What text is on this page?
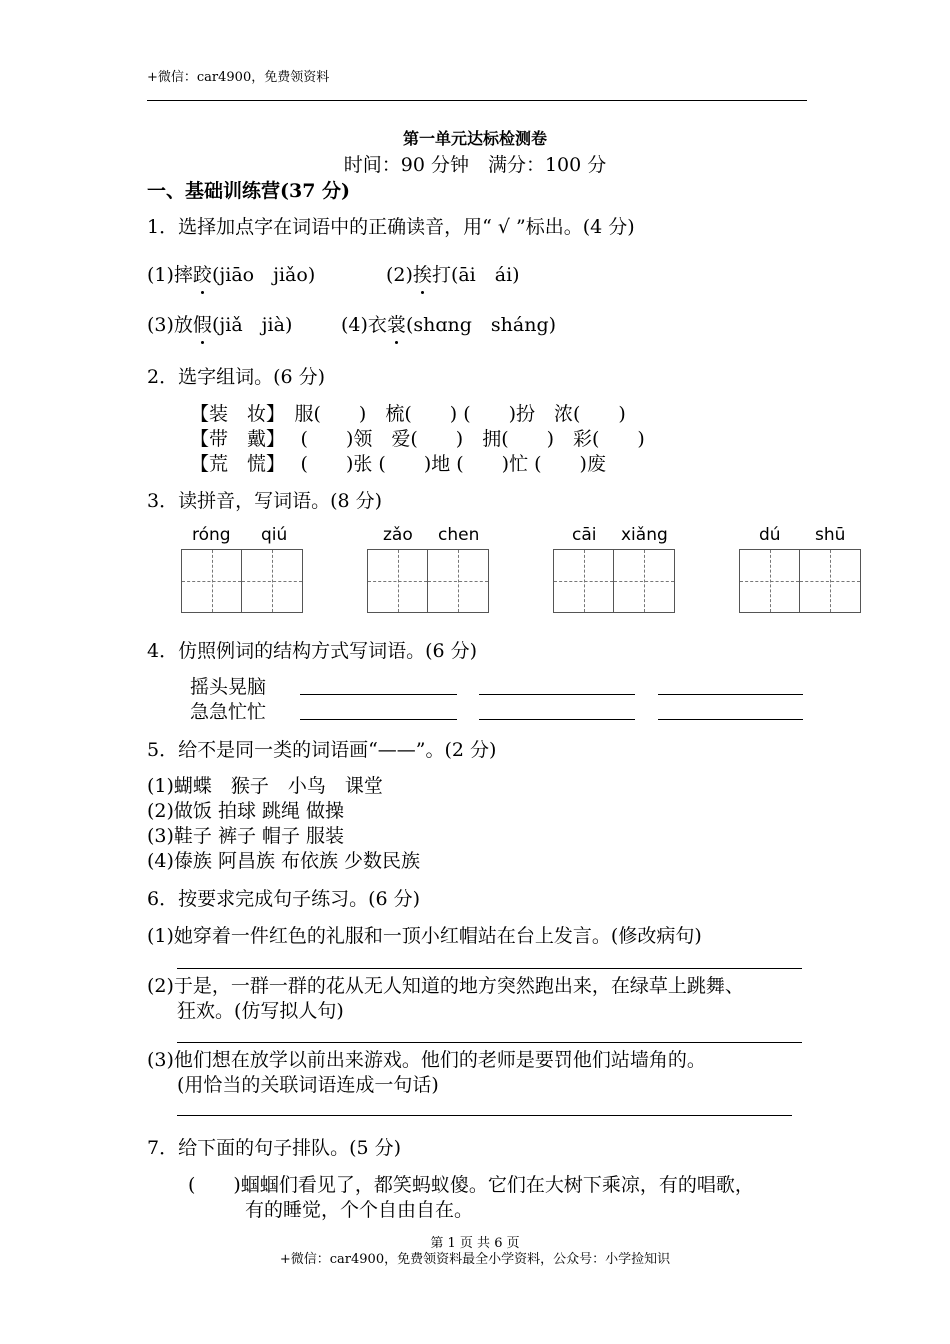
+微信：car4900，免费领资料
第一单元达标检测卷
时间：90 分钟　满分：100 分
一、基础训练营(37 分)
1．选择加点字在词语中的正确读音，用“ √ ”标出。(4 分)
(1)摔跤(jiāo　jiǎo)	(2)挨打(āi　ái)
(3)放假(jiǎ　jià)	(4)衣裳(shɑng　sháng)
2．选字组词。(6 分)
【装　妆】　服(　　)　梳(　　) (　　)扮　浓(　　)
【带　戴】　 (　　)领　爱(　　)　拥(　　)　彩(　　)
【荒　慌】　 (　　)张 (　　)地 (　　)忙 (　　)废
3．读拼音，写词语。(8 分)
róng qiú	zǎo chen	cāi xiǎng	dú shū
4．仿照例词的结构方式写词语。(6 分)
摇头晃脑
急急忙忙
5．给不是同一类的词语画“——”。(2 分)
(1)蝴蝶　猴子　小鸟　课堂
(2)做饭 拍球 跳绳 做操
(3)鞋子 裤子 帽子 服装
(4)傣族 阿昌族 布依族 少数民族
6．按要求完成句子练习。(6 分)
(1)她穿着一件红色的礼服和一顶小红帽站在台上发言。(修改病句)
(2)于是，一群一群的花从无人知道的地方突然跑出来，在绿草上跳舞、
狂欢。(仿写拟人句)
(3)他们想在放学以前出来游戏。他们的老师是要罚他们站墙角的。
(用恰当的关联词语连成一句话)
7．给下面的句子排队。(5 分)
(　　)蝈蝈们看见了，都笑蚂蚁傻。它们在大树下乘凉，有的唱歌，
有的睡觉，个个自由自在。
第 1 页 共 6 页
+微信：car4900，免费领资料最全小学资料，公众号：小学捡知识
